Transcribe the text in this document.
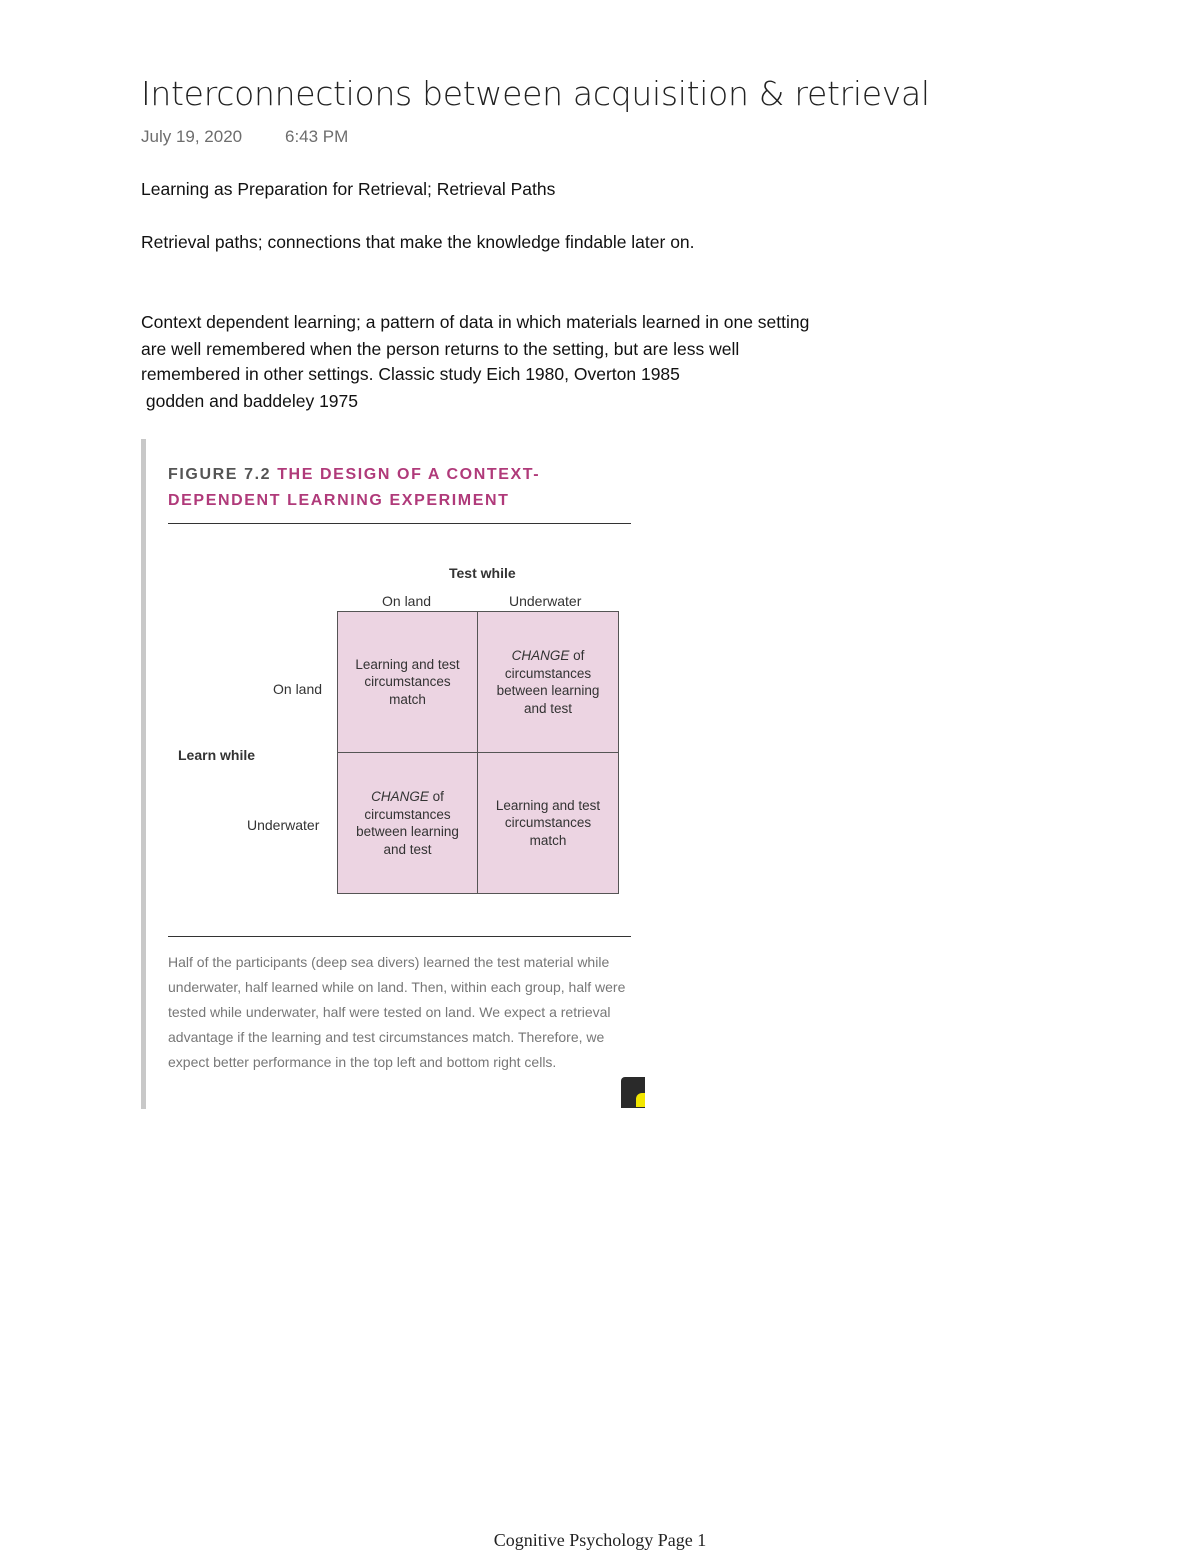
Interconnections between acquisition & retrieval
July 19, 2020	6:43 PM
Learning as Preparation for Retrieval; Retrieval Paths
Retrieval paths; connections that make the knowledge findable later on.
Context dependent learning; a pattern of data in which materials learned in one setting
are well remembered when the person returns to the setting, but are less well
remembered in other settings. Classic study Eich 1980, Overton 1985
godden and baddeley 1975
FIGURE 7.2 THE DESIGN OF A CONTEXT-
DEPENDENT LEARNING EXPERIMENT
Test while
On land	Underwater
On land
Learn while
Underwater
Learning and test circumstances match
CHANGE of circumstances between learning and test
CHANGE of circumstances between learning and test
Learning and test circumstances match
Half of the participants (deep sea divers) learned the test material while underwater, half learned while on land. Then, within each group, half were tested while underwater, half were tested on land. We expect a retrieval advantage if the learning and test circumstances match. Therefore, we expect better performance in the top left and bottom right cells.
Cognitive Psychology Page 1
